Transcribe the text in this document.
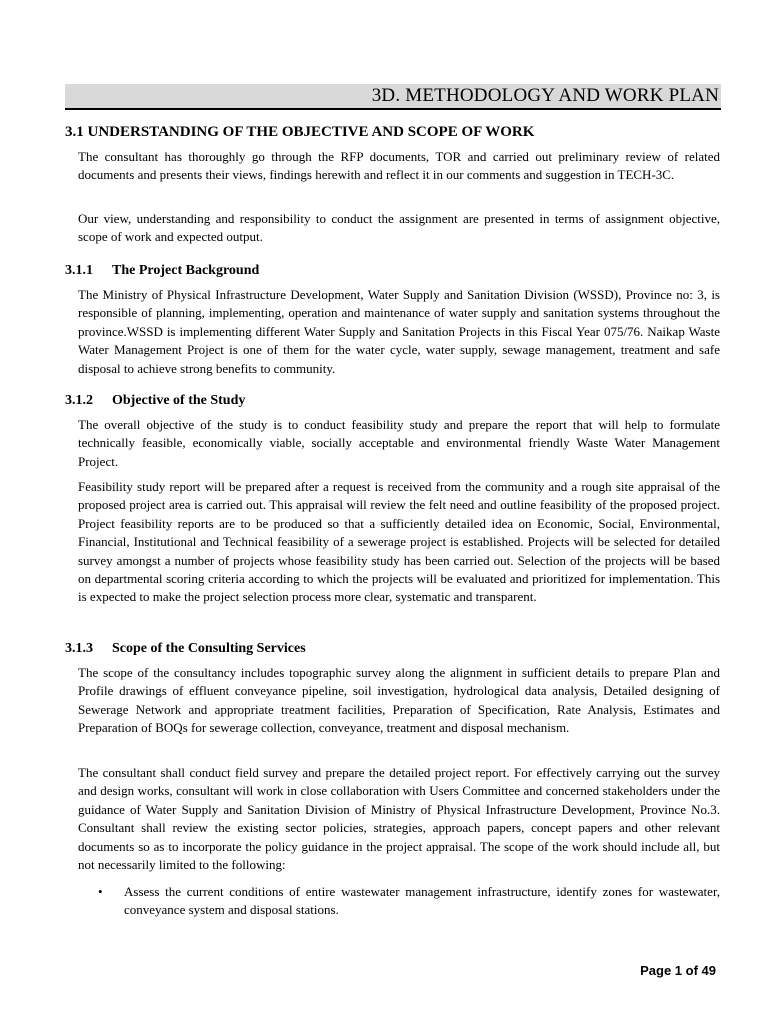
3D. METHODOLOGY AND WORK PLAN
3.1 UNDERSTANDING OF THE OBJECTIVE AND SCOPE OF WORK
The consultant has thoroughly go through the RFP documents, TOR and carried out preliminary review of related documents and presents their views, findings herewith and reflect it in our comments and suggestion in TECH-3C.
Our view, understanding and responsibility to conduct the assignment are presented in terms of assignment objective, scope of work and expected output.
3.1.1 The Project Background
The Ministry of Physical Infrastructure Development, Water Supply and Sanitation Division (WSSD), Province no: 3, is responsible of planning, implementing, operation and maintenance of water supply and sanitation systems throughout the province.WSSD is implementing different Water Supply and Sanitation Projects in this Fiscal Year 075/76. Naikap Waste Water Management Project is one of them for the water cycle, water supply, sewage management, treatment and safe disposal to achieve strong benefits to community.
3.1.2 Objective of the Study
The overall objective of the study is to conduct feasibility study and prepare the report that will help to formulate technically feasible, economically viable, socially acceptable and environmental friendly Waste Water Management Project.
Feasibility study report will be prepared after a request is received from the community and a rough site appraisal of the proposed project area is carried out. This appraisal will review the felt need and outline feasibility of the proposed project. Project feasibility reports are to be produced so that a sufficiently detailed idea on Economic, Social, Environmental, Financial, Institutional and Technical feasibility of a sewerage project is established. Projects will be selected for detailed survey amongst a number of projects whose feasibility study has been carried out. Selection of the projects will be based on departmental scoring criteria according to which the projects will be evaluated and prioritized for implementation. This is expected to make the project selection process more clear, systematic and transparent.
3.1.3 Scope of the Consulting Services
The scope of the consultancy includes topographic survey along the alignment in sufficient details to prepare Plan and Profile drawings of effluent conveyance pipeline, soil investigation, hydrological data analysis, Detailed designing of Sewerage Network and appropriate treatment facilities, Preparation of Specification, Rate Analysis, Estimates and Preparation of BOQs for sewerage collection, conveyance, treatment and disposal mechanism.
The consultant shall conduct field survey and prepare the detailed project report. For effectively carrying out the survey and design works, consultant will work in close collaboration with Users Committee and concerned stakeholders under the guidance of Water Supply and Sanitation Division of Ministry of Physical Infrastructure Development, Province No.3. Consultant shall review the existing sector policies, strategies, approach papers, concept papers and other relevant documents so as to incorporate the policy guidance in the project appraisal. The scope of the work should include all, but not necessarily limited to the following:
• Assess the current conditions of entire wastewater management infrastructure, identify zones for wastewater, conveyance system and disposal stations.
Page 1 of 49
